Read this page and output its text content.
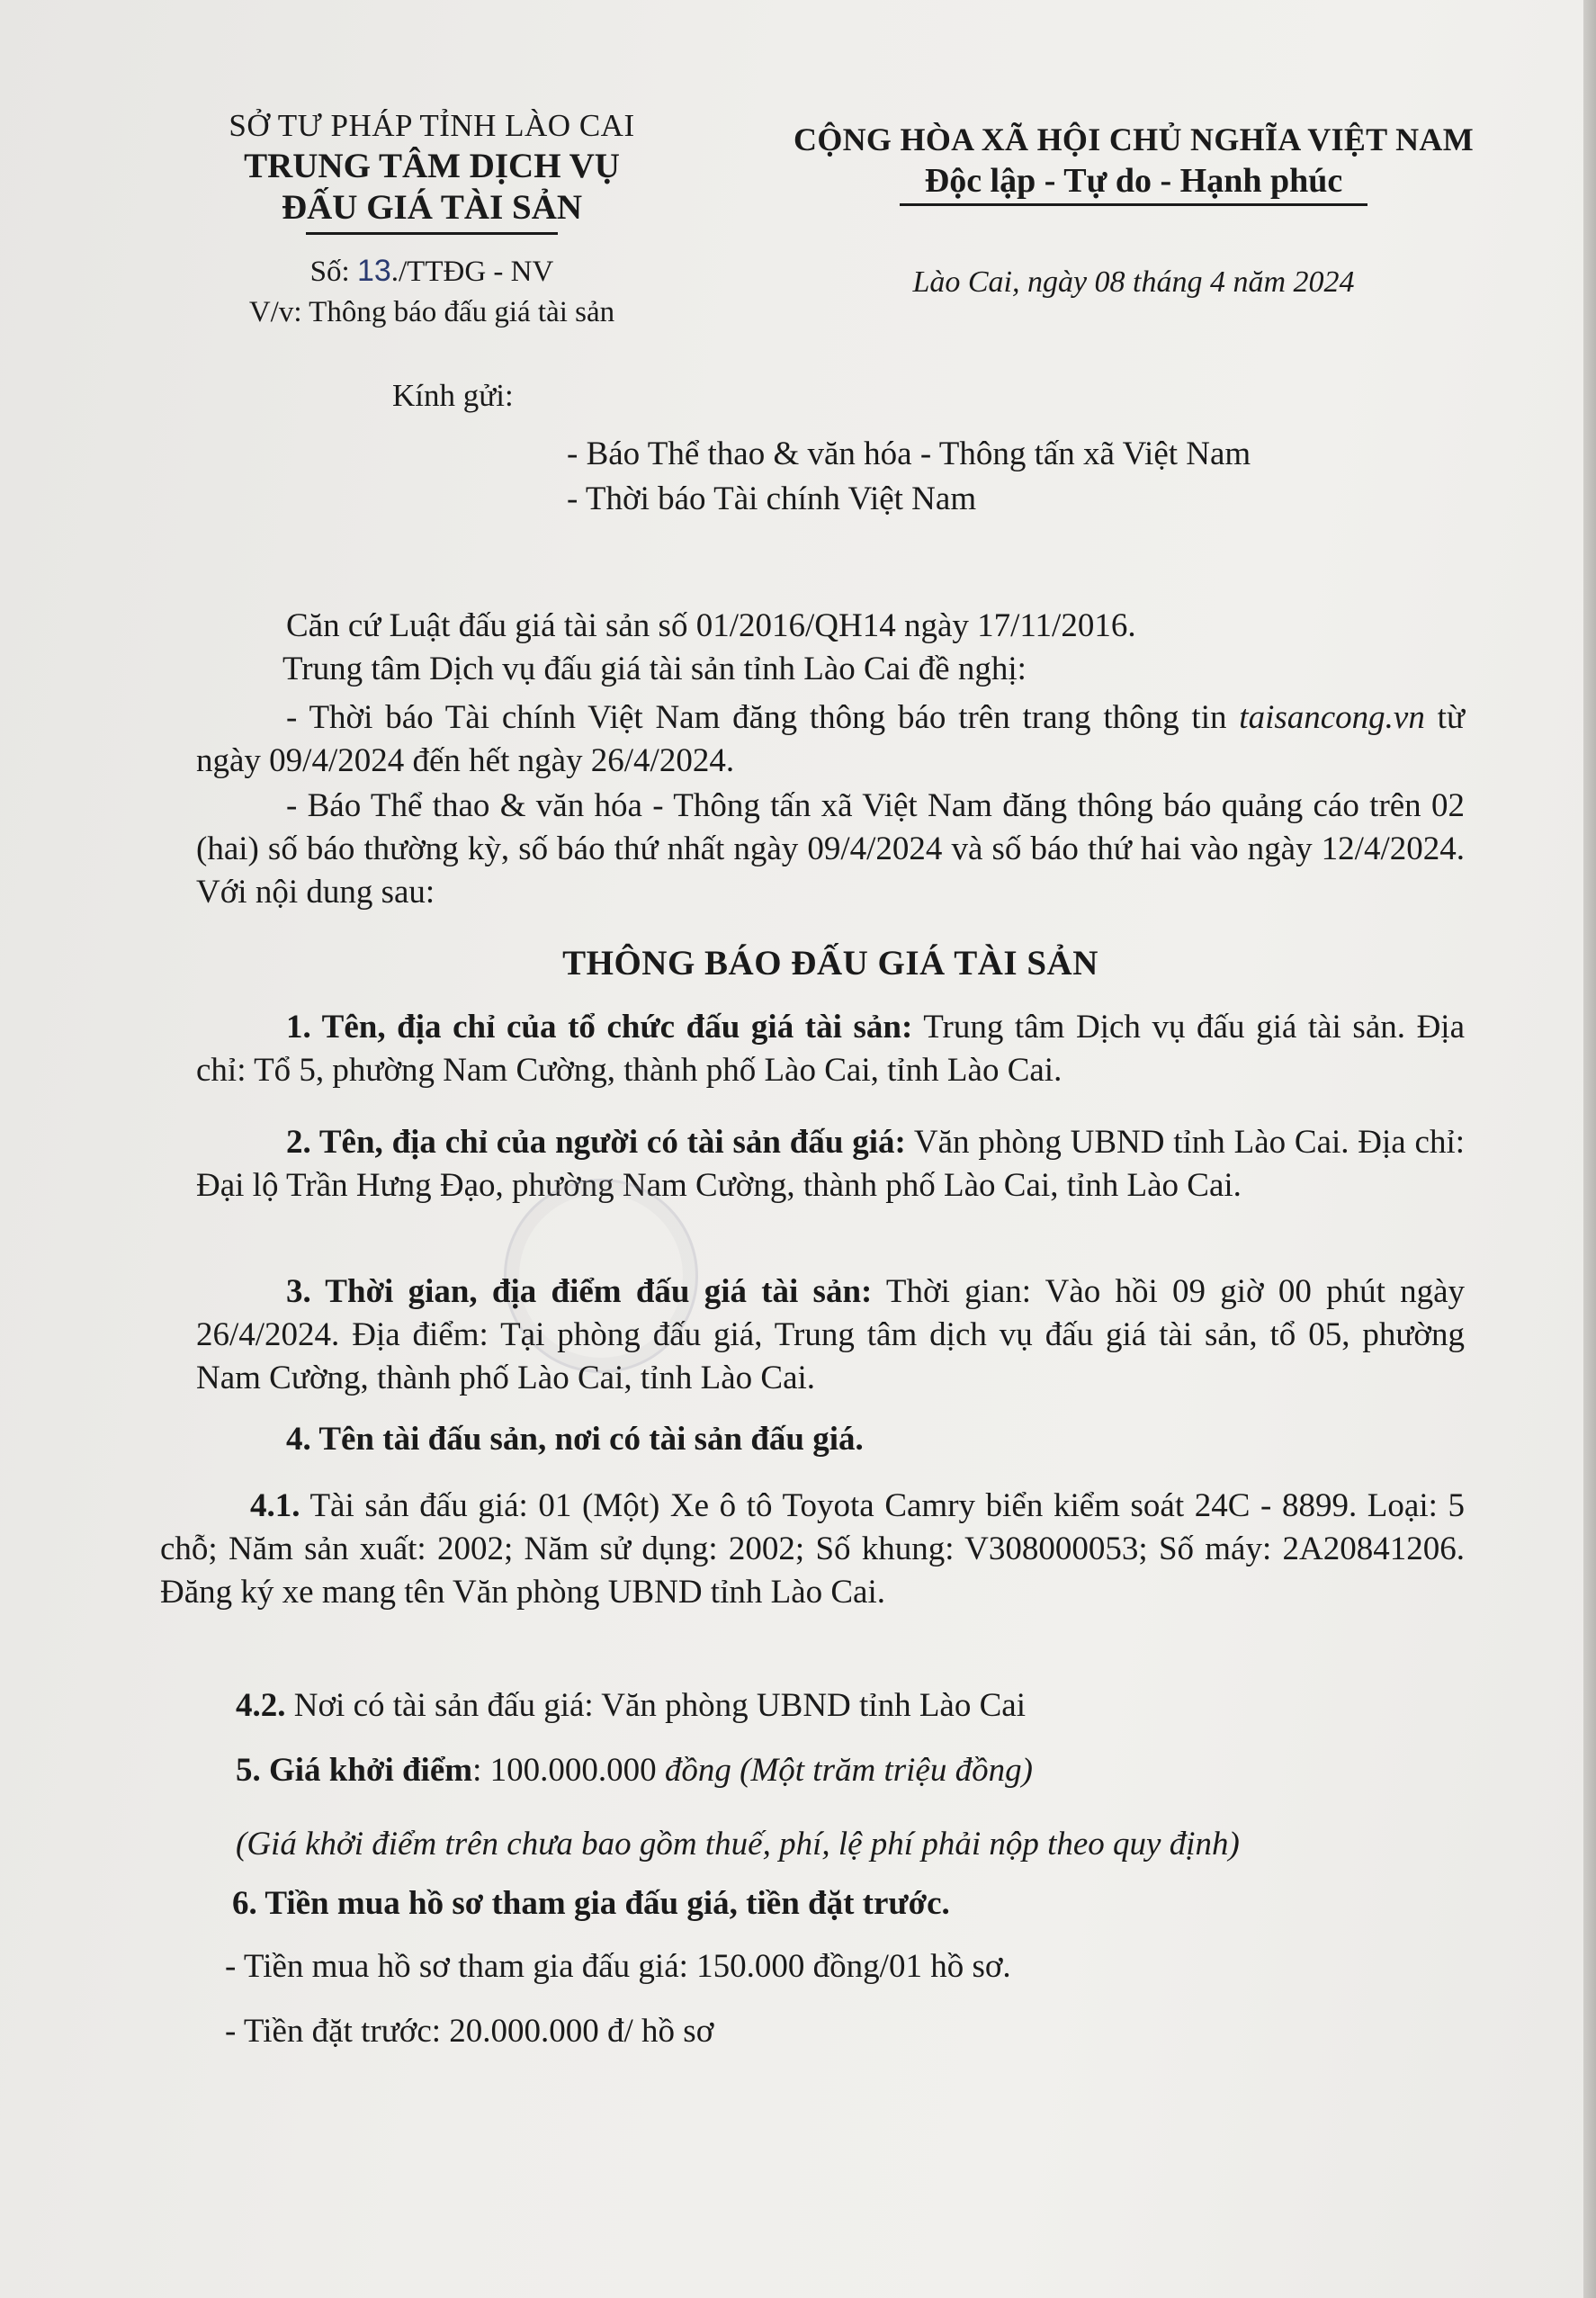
SỞ TƯ PHÁP TỈNH LÀO CAI
TRUNG TÂM DỊCH VỤ
ĐẤU GIÁ TÀI SẢN
Số: 13./TTĐG - NV
V/v: Thông báo đấu giá tài sản
CỘNG HÒA XÃ HỘI CHỦ NGHĨA VIỆT NAM
Độc lập - Tự do - Hạnh phúc
Lào Cai, ngày 08 tháng 4 năm 2024
Kính gửi:
- Báo Thể thao & văn hóa - Thông tấn xã Việt Nam
- Thời báo Tài chính Việt Nam
Căn cứ Luật đấu giá tài sản số 01/2016/QH14 ngày 17/11/2016.
Trung tâm Dịch vụ đấu giá tài sản tỉnh Lào Cai đề nghị:
- Thời báo Tài chính Việt Nam đăng thông báo trên trang thông tin taisancong.vn từ ngày 09/4/2024 đến hết ngày 26/4/2024.
- Báo Thể thao & văn hóa - Thông tấn xã Việt Nam đăng thông báo quảng cáo trên 02 (hai) số báo thường kỳ, số báo thứ nhất ngày 09/4/2024 và số báo thứ hai vào ngày 12/4/2024. Với nội dung sau:
THÔNG BÁO ĐẤU GIÁ TÀI SẢN
1. Tên, địa chỉ của tổ chức đấu giá tài sản: Trung tâm Dịch vụ đấu giá tài sản. Địa chỉ: Tổ 5, phường Nam Cường, thành phố Lào Cai, tỉnh Lào Cai.
2. Tên, địa chỉ của người có tài sản đấu giá: Văn phòng UBND tỉnh Lào Cai. Địa chỉ: Đại lộ Trần Hưng Đạo, phường Nam Cường, thành phố Lào Cai, tỉnh Lào Cai.
3. Thời gian, địa điểm đấu giá tài sản: Thời gian: Vào hồi 09 giờ 00 phút ngày 26/4/2024. Địa điểm: Tại phòng đấu giá, Trung tâm dịch vụ đấu giá tài sản, tổ 05, phường Nam Cường, thành phố Lào Cai, tỉnh Lào Cai.
4. Tên tài đấu sản, nơi có tài sản đấu giá.
4.1. Tài sản đấu giá: 01 (Một) Xe ô tô Toyota Camry biển kiểm soát 24C - 8899. Loại: 5 chỗ; Năm sản xuất: 2002; Năm sử dụng: 2002; Số khung: V308000053; Số máy: 2A20841206. Đăng ký xe mang tên Văn phòng UBND tỉnh Lào Cai.
4.2. Nơi có tài sản đấu giá: Văn phòng UBND tỉnh Lào Cai
5. Giá khởi điểm: 100.000.000 đồng (Một trăm triệu đồng)
(Giá khởi điểm trên chưa bao gồm thuế, phí, lệ phí phải nộp theo quy định)
6. Tiền mua hồ sơ tham gia đấu giá, tiền đặt trước.
- Tiền mua hồ sơ tham gia đấu giá: 150.000 đồng/01 hồ sơ.
- Tiền đặt trước: 20.000.000 đ/ hồ sơ
